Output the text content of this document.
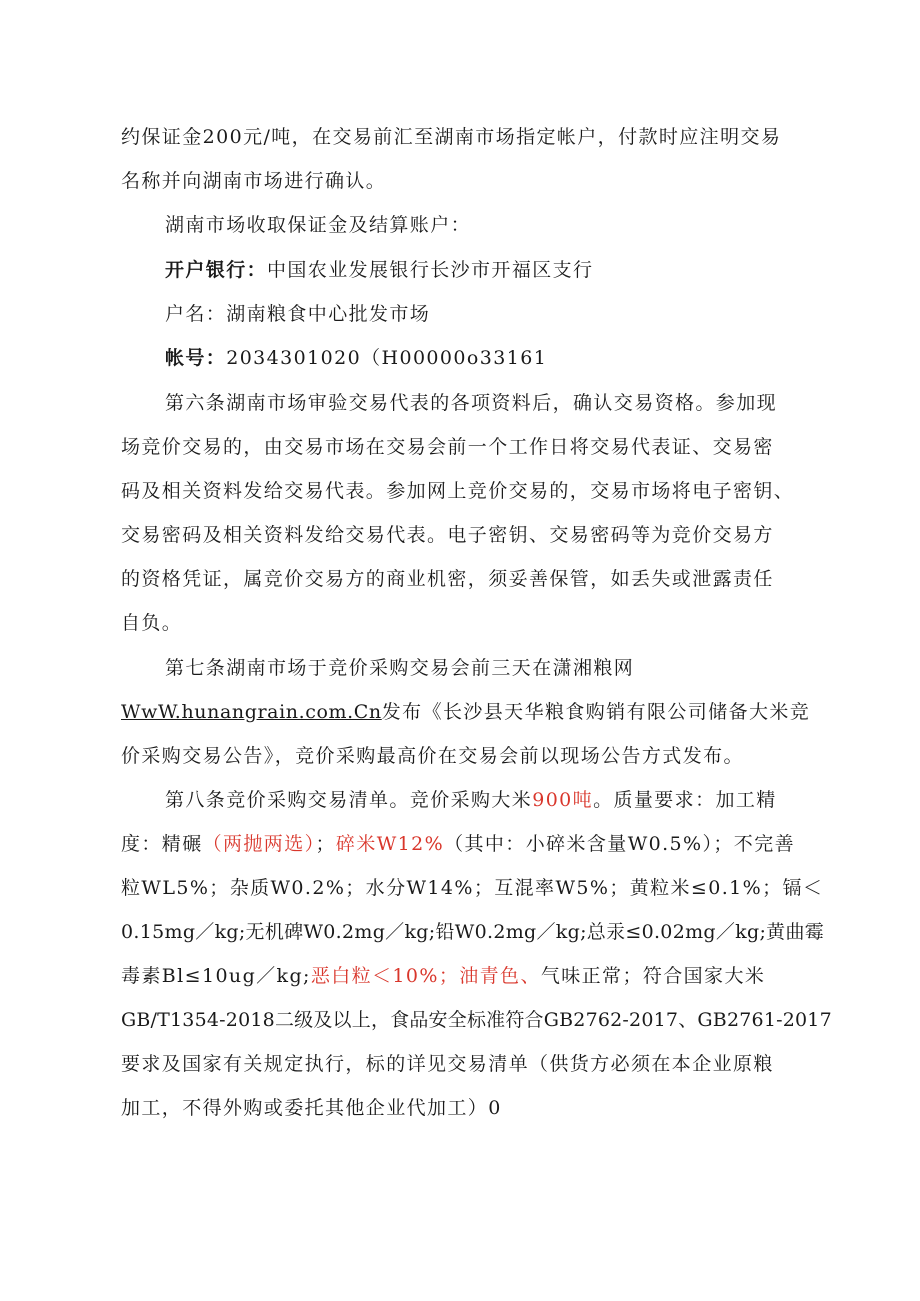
约保证金200元/吨，在交易前汇至湖南市场指定帐户，付款时应注明交易
名称并向湖南市场进行确认。
湖南市场收取保证金及结算账户：
开户银行：中国农业发展银行长沙市开福区支行
户名：湖南粮食中心批发市场
帐号：2034301020（H00000o33161
第六条湖南市场审验交易代表的各项资料后，确认交易资格。参加现
场竞价交易的，由交易市场在交易会前一个工作日将交易代表证、交易密
码及相关资料发给交易代表。参加网上竞价交易的，交易市场将电子密钥、
交易密码及相关资料发给交易代表。电子密钥、交易密码等为竞价交易方
的资格凭证，属竞价交易方的商业机密，须妥善保管，如丢失或泄露责任
自负。
第七条湖南市场于竞价采购交易会前三天在潇湘粮网
WwW.hunangrain.com.Cn发布《长沙县天华粮食购销有限公司储备大米竞
价采购交易公告》，竞价采购最高价在交易会前以现场公告方式发布。
第八条竞价采购交易清单。竞价采购大米900吨。质量要求：加工精
度：精碾（两抛两选）；碎米W12%（其中：小碎米含量W0.5%）；不完善
粒WL5%；杂质W0.2%；水分W14%；互混率W5%；黄粒米≤0.1%；镉＜
0.15mg／kg;无机碑W0.2mg／kg;铅W0.2mg／kg;总汞≤0.02mg／kg;黄曲霉
毒素Bl≤10ug／kg;恶白粒＜10%；油青色、气味正常；符合国家大米
GB/T1354-2018二级及以上，食品安全标准符合GB2762-2017、GB2761-2017
要求及国家有关规定执行，标的详见交易清单（供货方必须在本企业原粮
加工，不得外购或委托其他企业代加工）0
